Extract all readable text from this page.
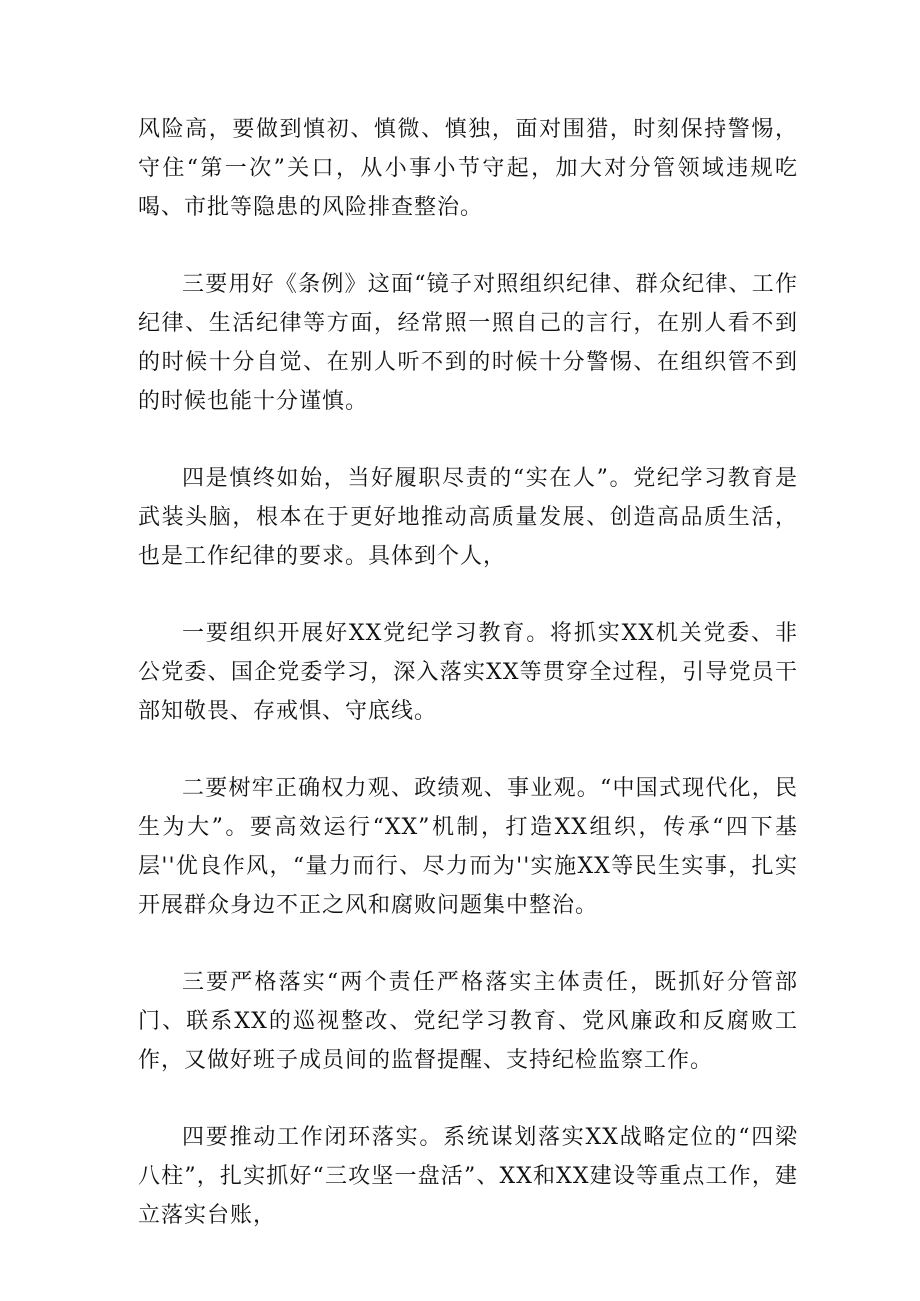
风险高，要做到慎初、慎微、慎独，面对围猎，时刻保持警惕，守住“第一次”关口，从小事小节守起，加大对分管领域违规吃喝、市批等隐患的风险排查整治。

三要用好《条例》这面“镜子对照组织纪律、群众纪律、工作纪律、生活纪律等方面，经常照一照自己的言行，在别人看不到的时候十分自觉、在别人听不到的时候十分警惕、在组织管不到的时候也能十分谨慎。

四是慎终如始，当好履职尽责的“实在人”。党纪学习教育是武装头脑，根本在于更好地推动高质量发展、创造高品质生活，也是工作纪律的要求。具体到个人，

一要组织开展好XX党纪学习教育。将抓实XX机关党委、非公党委、国企党委学习，深入落实XX等贯穿全过程，引导党员干部知敬畏、存戒惧、守底线。

二要树牢正确权力观、政绩观、事业观。“中国式现代化，民生为大”。要高效运行“XX”机制，打造XX组织，传承“四下基层''优良作风，“量力而行、尽力而为''实施XX等民生实事，扎实开展群众身边不正之风和腐败问题集中整治。

三要严格落实“两个责任严格落实主体责任，既抓好分管部门、联系XX的巡视整改、党纪学习教育、党风廉政和反腐败工作，又做好班子成员间的监督提醒、支持纪检监察工作。

四要推动工作闭环落实。系统谋划落实XX战略定位的“四梁八柱”，扎实抓好“三攻坚一盘活”、XX和XX建设等重点工作，建立落实台账，
